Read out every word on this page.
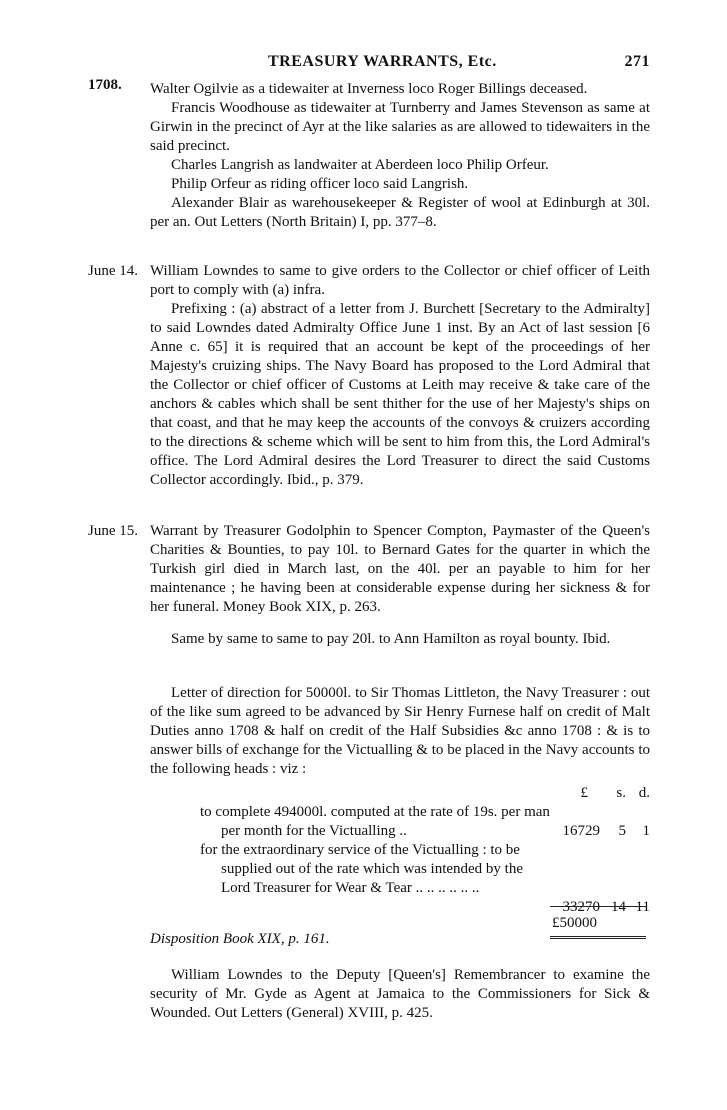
TREASURY WARRANTS, Etc.	271
1708. Walter Ogilvie as a tidewaiter at Inverness loco Roger Billings deceased.

Francis Woodhouse as tidewaiter at Turnberry and James Stevenson as same at Girwin in the precinct of Ayr at the like salaries as are allowed to tidewaiters in the said precinct.

Charles Langrish as landwaiter at Aberdeen loco Philip Orfeur.

Philip Orfeur as riding officer loco said Langrish.

Alexander Blair as warehousekeeper & Register of wool at Edinburgh at 30l. per an. Out Letters (North Britain) I, pp. 377–8.

June 14. William Lowndes to same to give orders to the Collector or chief officer of Leith port to comply with (a) infra.

Prefixing : (a) abstract of a letter from J. Burchett [Secretary to the Admiralty] to said Lowndes dated Admiralty Office June 1 inst. By an Act of last session [6 Anne c. 65] it is required that an account be kept of the proceedings of her Majesty's cruizing ships. The Navy Board has proposed to the Lord Admiral that the Collector or chief officer of Customs at Leith may receive & take care of the anchors & cables which shall be sent thither for the use of her Majesty's ships on that coast, and that he may keep the accounts of the convoys & cruizers according to the directions & scheme which will be sent to him from this, the Lord Admiral's office. The Lord Admiral desires the Lord Treasurer to direct the said Customs Collector accordingly. Ibid., p. 379.

June 15. Warrant by Treasurer Godolphin to Spencer Compton, Paymaster of the Queen's Charities & Bounties, to pay 10l. to Bernard Gates for the quarter in which the Turkish girl died in March last, on the 40l. per an payable to him for her maintenance ; he having been at considerable expense during her sickness & for her funeral. Money Book XIX, p. 263.

Same by same to same to pay 20l. to Ann Hamilton as royal bounty. Ibid.

Letter of direction for 50000l. to Sir Thomas Littleton, the Navy Treasurer : out of the like sum agreed to be advanced by Sir Henry Furnese half on credit of Malt Duties anno 1708 & half on credit of the Half Subsidies &c anno 1708 : & is to answer bills of exchange for the Victualling & to be placed in the Navy accounts to the following heads : viz :

£	s. d.
to complete 494000l. computed at the rate of 19s. per man per month for the Victualling ..	16729	5	1
for the extraordinary service of the Victualling : to be supplied out of the rate which was intended by the Lord Treasurer for Wear & Tear .. .. .. .. .. ..
33270 14 11
£50000
Disposition Book XIX, p. 161.

William Lowndes to the Deputy [Queen's] Remembrancer to examine the security of Mr. Gyde as Agent at Jamaica to the Commissioners for Sick & Wounded. Out Letters (General) XVIII, p. 425.
